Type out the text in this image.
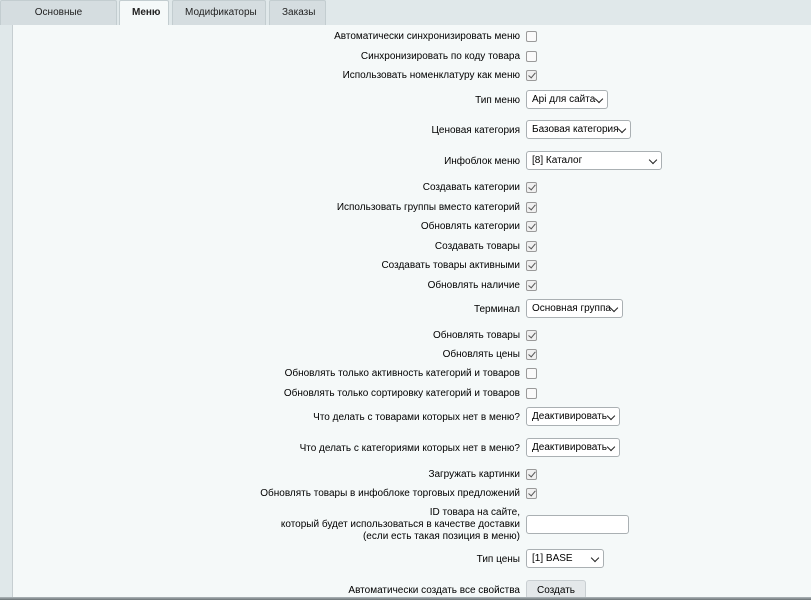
Основные	Меню	Модификаторы	Заказы
Автоматически синхронизировать меню
Синхронизировать по коду товара
Использовать номенклатуру как меню
Тип меню	Api для сайта
Ценовая категория	Базовая категория
Инфоблок меню	[8] Каталог
Создавать категории
Использовать группы вместо категорий
Обновлять категории
Создавать товары
Создавать товары активными
Обновлять наличие
Терминал	Основная группа
Обновлять товары
Обновлять цены
Обновлять только активность категорий и товаров
Обновлять только сортировку категорий и товаров
Что делать с товарами которых нет в меню?	Деактивировать
Что делать с категориями которых нет в меню?	Деактивировать
Загружать картинки
Обновлять товары в инфоблоке торговых предложений
ID товара на сайте,
который будет использоваться в качестве доставки
(если есть такая позиция в меню)
Тип цены	[1] BASE
Автоматически создать все свойства	Создать
